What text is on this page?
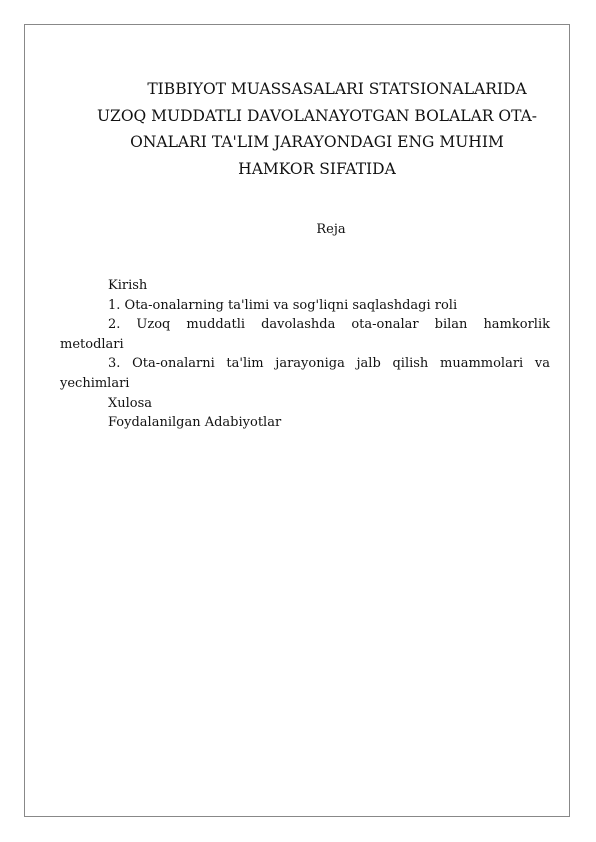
TIBBIYOT MUASSASALARI STATSIONALARIDA
UZOQ MUDDATLI DAVOLANAYOTGAN BOLALAR OTA-
ONALARI TA'LIM JARAYONDAGI ENG MUHIM
HAMKOR SIFATIDA

Reja

Kirish
1. Ota-onalarning ta'limi va sog'liqni saqlashdagi roli
2. Uzoq muddatli davolashda ota-onalar bilan hamkorlik
metodlari
3. Ota-onalarni ta'lim jarayoniga jalb qilish muammolari va
yechimlari
Xulosa
Foydalanilgan Adabiyotlar
